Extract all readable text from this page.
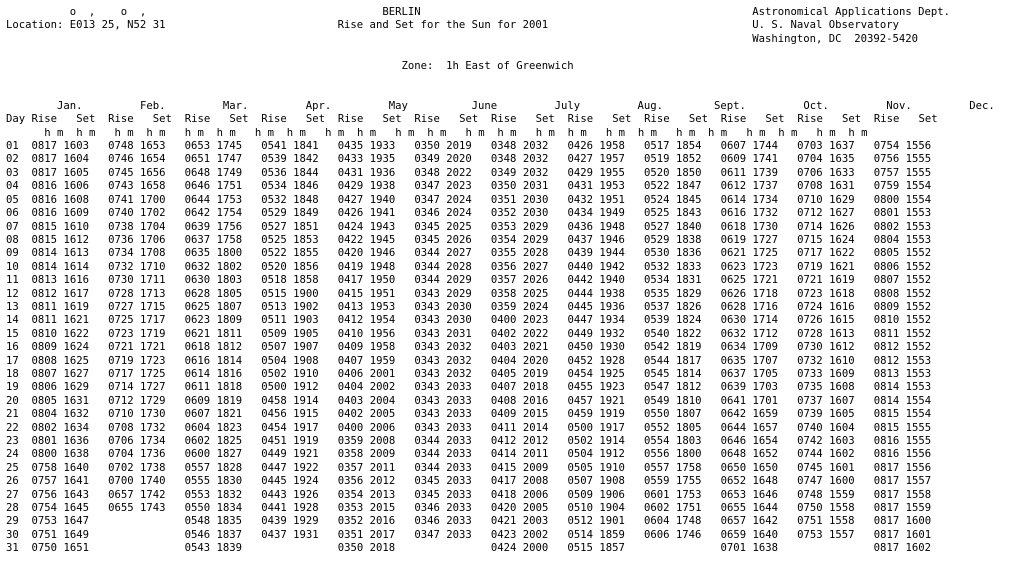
o  ,    o  ,	BERLIN	Astronomical Applications Dept.
Location: E013 25, N52 31	Rise and Set for the Sun for 2001	U. S. Naval Observatory
Washington, DC  20392-5420

Zone:  1h East of Greenwich

Jan.	Feb.	Mar.	Apr.	May	June	July	Aug.	Sept.	Oct.	Nov.	Dec.
Day Rise Set Rise Set Rise Set Rise Set Rise Set Rise Set Rise Set Rise Set Rise Set Rise Set Rise Set Rise Set
h m h m h m h m h m h m h m h m h m h m h m h m h m h m h m h m h m h m h m h m h m h m h m h m
01 0817 1603 0748 1653 0653 1745 0541 1841 0435 1933 0350 2019 0348 2032 0426 1958 0517 1854 0607 1744 0703 1637 0754 1556
02 0817 1604 0746 1654 0651 1747 0539 1842 0433 1935 0349 2020 0348 2032 0427 1957 0519 1852 0609 1741 0704 1635 0756 1555
03 0817 1605 0745 1656 0648 1749 0536 1844 0431 1936 0348 2022 0349 2032 0429 1955 0520 1850 0611 1739 0706 1633 0757 1555
04 0816 1606 0743 1658 0646 1751 0534 1846 0429 1938 0347 2023 0350 2031 0431 1953 0522 1847 0612 1737 0708 1631 0759 1554
05 0816 1608 0741 1700 0644 1753 0532 1848 0427 1940 0347 2024 0351 2030 0432 1951 0524 1845 0614 1734 0710 1629 0800 1554
06 0816 1609 0740 1702 0642 1754 0529 1849 0426 1941 0346 2024 0352 2030 0434 1949 0525 1843 0616 1732 0712 1627 0801 1553
07 0815 1610 0738 1704 0639 1756 0527 1851 0424 1943 0345 2025 0353 2029 0436 1948 0527 1840 0618 1730 0714 1626 0802 1553
08 0815 1612 0736 1706 0637 1758 0525 1853 0422 1945 0345 2026 0354 2029 0437 1946 0529 1838 0619 1727 0715 1624 0804 1553
09 0814 1613 0734 1708 0635 1800 0522 1855 0420 1946 0344 2027 0355 2028 0439 1944 0530 1836 0621 1725 0717 1622 0805 1552
10 0814 1614 0732 1710 0632 1802 0520 1856 0419 1948 0344 2028 0356 2027 0440 1942 0532 1833 0623 1723 0719 1621 0806 1552
11 0813 1616 0730 1711 0630 1803 0518 1858 0417 1950 0344 2029 0357 2026 0442 1940 0534 1831 0625 1721 0721 1619 0807 1552
12 0812 1617 0728 1713 0628 1805 0515 1900 0415 1951 0343 2029 0358 2025 0444 1938 0535 1829 0626 1718 0723 1618 0808 1552
13 0811 1619 0727 1715 0625 1807 0513 1902 0413 1953 0343 2030 0359 2024 0445 1936 0537 1826 0628 1716 0724 1616 0809 1552
14 0811 1621 0725 1717 0623 1809 0511 1903 0412 1954 0343 2030 0400 2023 0447 1934 0539 1824 0630 1714 0726 1615 0810 1552
15 0810 1622 0723 1719 0621 1811 0509 1905 0410 1956 0343 2031 0402 2022 0449 1932 0540 1822 0632 1712 0728 1613 0811 1552
16 0809 1624 0721 1721 0618 1812 0507 1907 0409 1958 0343 2032 0403 2021 0450 1930 0542 1819 0634 1709 0730 1612 0812 1552
17 0808 1625 0719 1723 0616 1814 0504 1908 0407 1959 0343 2032 0404 2020 0452 1928 0544 1817 0635 1707 0732 1610 0812 1553
18 0807 1627 0717 1725 0614 1816 0502 1910 0406 2001 0343 2032 0405 2019 0454 1925 0545 1814 0637 1705 0733 1609 0813 1553
19 0806 1629 0714 1727 0611 1818 0500 1912 0404 2002 0343 2033 0407 2018 0455 1923 0547 1812 0639 1703 0735 1608 0814 1553
20 0805 1631 0712 1729 0609 1819 0458 1914 0403 2004 0343 2033 0408 2016 0457 1921 0549 1810 0641 1701 0737 1607 0814 1554
21 0804 1632 0710 1730 0607 1821 0456 1915 0402 2005 0343 2033 0409 2015 0459 1919 0550 1807 0642 1659 0739 1605 0815 1554
22 0802 1634 0708 1732 0604 1823 0454 1917 0400 2006 0343 2033 0411 2014 0500 1917 0552 1805 0644 1657 0740 1604 0815 1555
23 0801 1636 0706 1734 0602 1825 0451 1919 0359 2008 0344 2033 0412 2012 0502 1914 0554 1803 0646 1654 0742 1603 0816 1555
24 0800 1638 0704 1736 0600 1827 0449 1921 0358 2009 0344 2033 0414 2011 0504 1912 0556 1800 0648 1652 0744 1602 0816 1556
25 0758 1640 0702 1738 0557 1828 0447 1922 0357 2011 0344 2033 0415 2009 0505 1910 0557 1758 0650 1650 0745 1601 0817 1556
26 0757 1641 0700 1740 0555 1830 0445 1924 0356 2012 0345 2033 0417 2008 0507 1908 0559 1755 0652 1648 0747 1600 0817 1557
27 0756 1643 0657 1742 0553 1832 0443 1926 0354 2013 0345 2033 0418 2006 0509 1906 0601 1753 0653 1646 0748 1559 0817 1558
28 0754 1645 0655 1743 0550 1834 0441 1928 0353 2015 0346 2033 0420 2005 0510 1904 0602 1751 0655 1644 0750 1558 0817 1559
29 0753 1647	0548 1835 0439 1929 0352 2016 0346 2033 0421 2003 0512 1901 0604 1748 0657 1642 0751 1558 0817 1600
30 0751 1649	0546 1837 0437 1931 0351 2017 0347 2033 0423 2002 0514 1859 0606 1746 0659 1640 0753 1557 0817 1601
31 0750 1651	0543 1839	0350 2018	0424 2000 0515 1857	0701 1638	0817 1602
